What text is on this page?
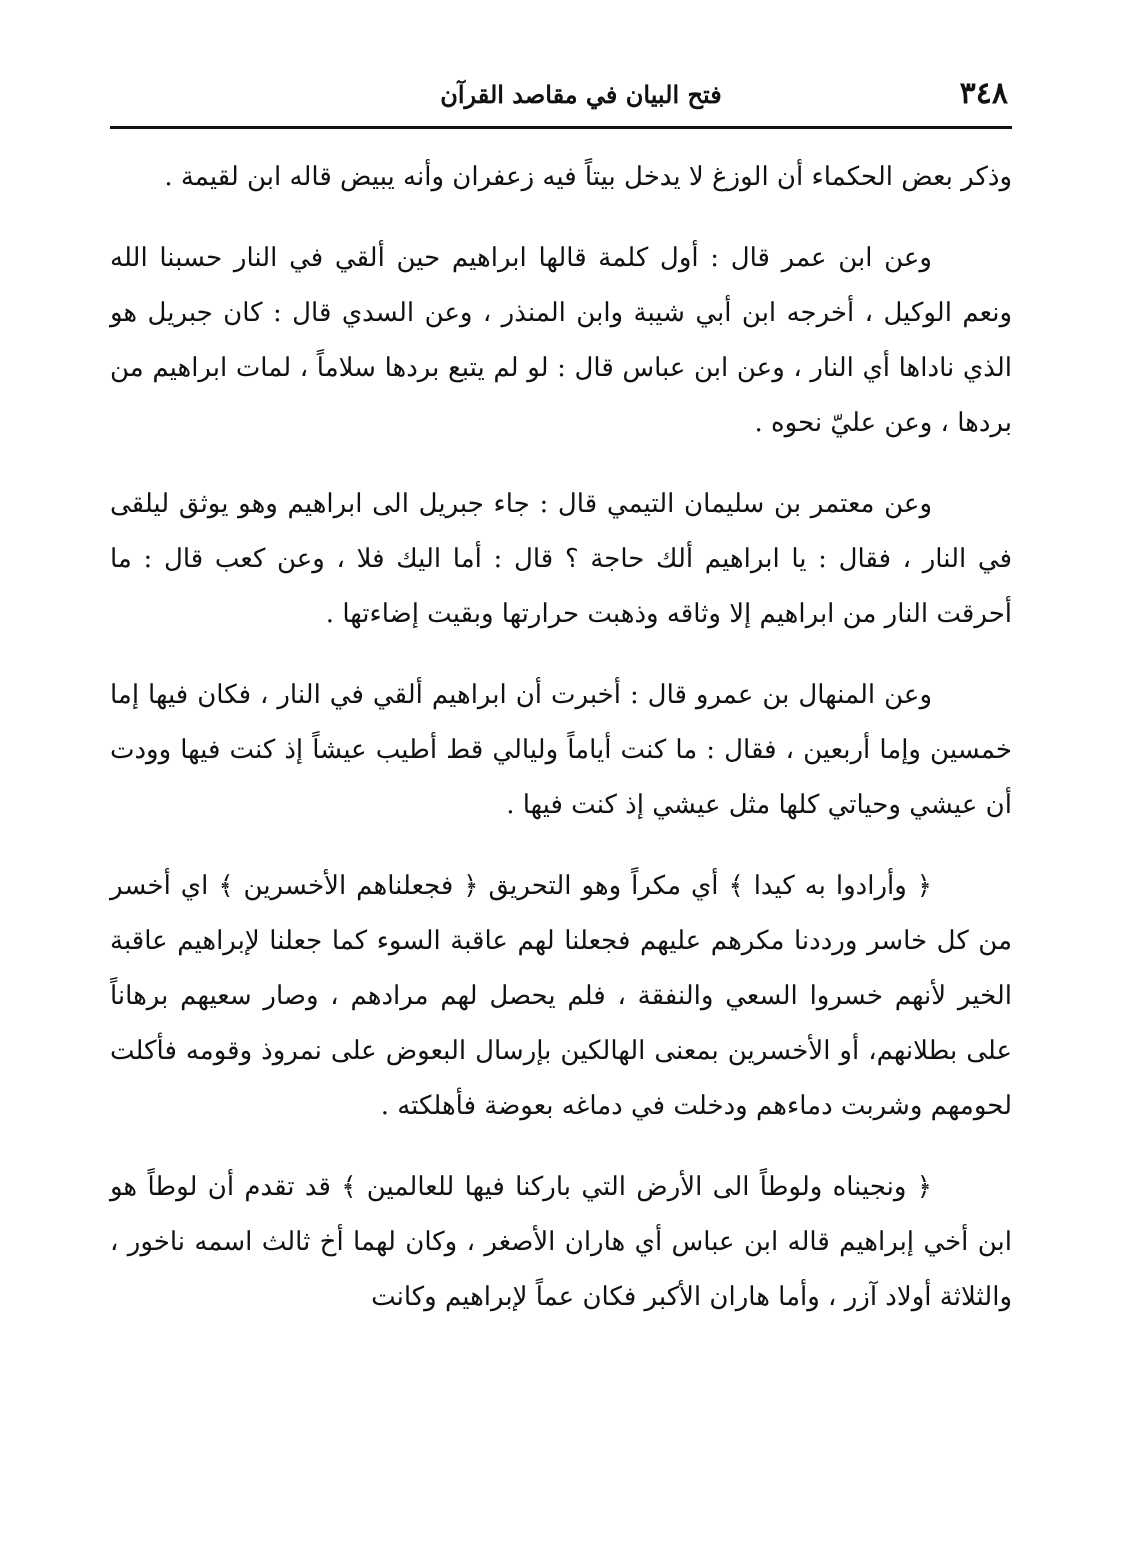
٣٤٨
فتح البيان في مقاصد القرآن

وذكر بعض الحكماء أن الوزغ لا يدخل بيتاً فيه زعفران وأنه يبيض قاله ابن لقيمة .

وعن ابن عمر قال : أول كلمة قالها ابراهيم حين ألقي في النار حسبنا الله ونعم الوكيل ، أخرجه ابن أبي شيبة وابن المنذر ، وعن السدي قال : كان جبريل هو الذي ناداها أي النار ، وعن ابن عباس قال : لو لم يتبع بردها سلاماً ، لمات ابراهيم من بردها ، وعن عليّ نحوه .

وعن معتمر بن سليمان التيمي قال : جاء جبريل الى ابراهيم وهو يوثق ليلقى في النار ، فقال : يا ابراهيم ألك حاجة ؟ قال : أما اليك فلا ، وعن كعب قال : ما أحرقت النار من ابراهيم إلا وثاقه وذهبت حرارتها وبقيت إضاءتها .

وعن المنهال بن عمرو قال : أخبرت أن ابراهيم ألقي في النار ، فكان فيها إما خمسين وإما أربعين ، فقال : ما كنت أياماً وليالي قط أطيب عيشاً إذ كنت فيها وودت أن عيشي وحياتي كلها مثل عيشي إذ كنت فيها .

﴿ وأرادوا به كيدا ﴾ أي مكراً وهو التحريق ﴿ فجعلناهم الأخسرين ﴾ اي أخسر من كل خاسر ورددنا مكرهم عليهم فجعلنا لهم عاقبة السوء كما جعلنا لإبراهيم عاقبة الخير لأنهم خسروا السعي والنفقة ، فلم يحصل لهم مرادهم ، وصار سعيهم برهاناً على بطلانهم، أو الأخسرين بمعنى الهالكين بإرسال البعوض على نمروذ وقومه فأكلت لحومهم وشربت دماءهم ودخلت في دماغه بعوضة فأهلكته .

﴿ ونجيناه ولوطاً الى الأرض التي باركنا فيها للعالمين ﴾ قد تقدم أن لوطاً هو ابن أخي إبراهيم قاله ابن عباس أي هاران الأصغر ، وكان لهما أخ ثالث اسمه ناخور ، والثلاثة أولاد آزر ، وأما هاران الأكبر فكان عماً لإبراهيم وكانت
